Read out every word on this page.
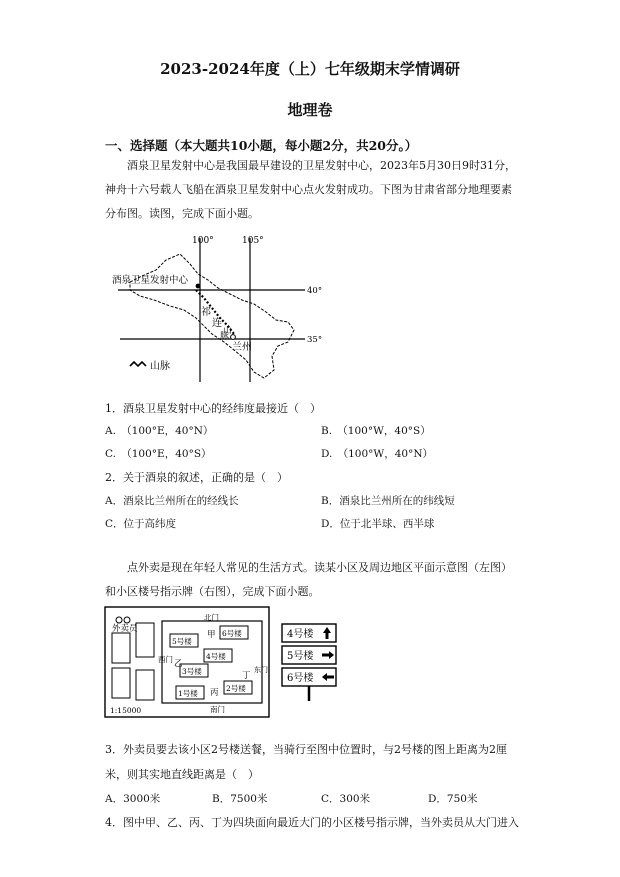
2023-2024年度（上）七年级期末学情调研
地理卷
一、选择题（本大题共10小题，每小题2分，共20分。）
酒泉卫星发射中心是我国最早建设的卫星发射中心，2023年5月30日9时31分，
神舟十六号载人飞船在酒泉卫星发射中心点火发射成功。下图为甘肃省部分地理要素
分布图。读图，完成下面小题。
酒泉卫星发射中心
100°	105°
40°
35°
祁
连
山
脉
兰州
山脉
1．酒泉卫星发射中心的经纬度最接近（　）
A.　（100°E，40°N）	B.　（100°W，40°S）
C.　（100°E，40°S）	D.　（100°W，40°N）
2．关于酒泉的叙述，正确的是（　）
A．酒泉比兰州所在的经线长	B．酒泉比兰州所在的纬线短
C．位于高纬度	D．位于北半球、西半球
点外卖是现在年轻人常见的生活方式。读某小区及周边地区平面示意图（左图）
和小区楼号指示牌（右图），完成下面小题。
外卖员
北门
甲 6号楼
5号楼
4号楼
西门 乙
3号楼	东门
丁
2号楼
1号楼 丙
南门
1:15000
4号楼
5号楼
6号楼
3．外卖员要去该小区2号楼送餐，当骑行至图中位置时，与2号楼的图上距离为2厘
米，则其实地直线距离是（　）
A．3000米	B．7500米	C．300米	D．750米
4．图中甲、乙、丙、丁为四块面向最近大门的小区楼号指示牌，当外卖员从大门进入
